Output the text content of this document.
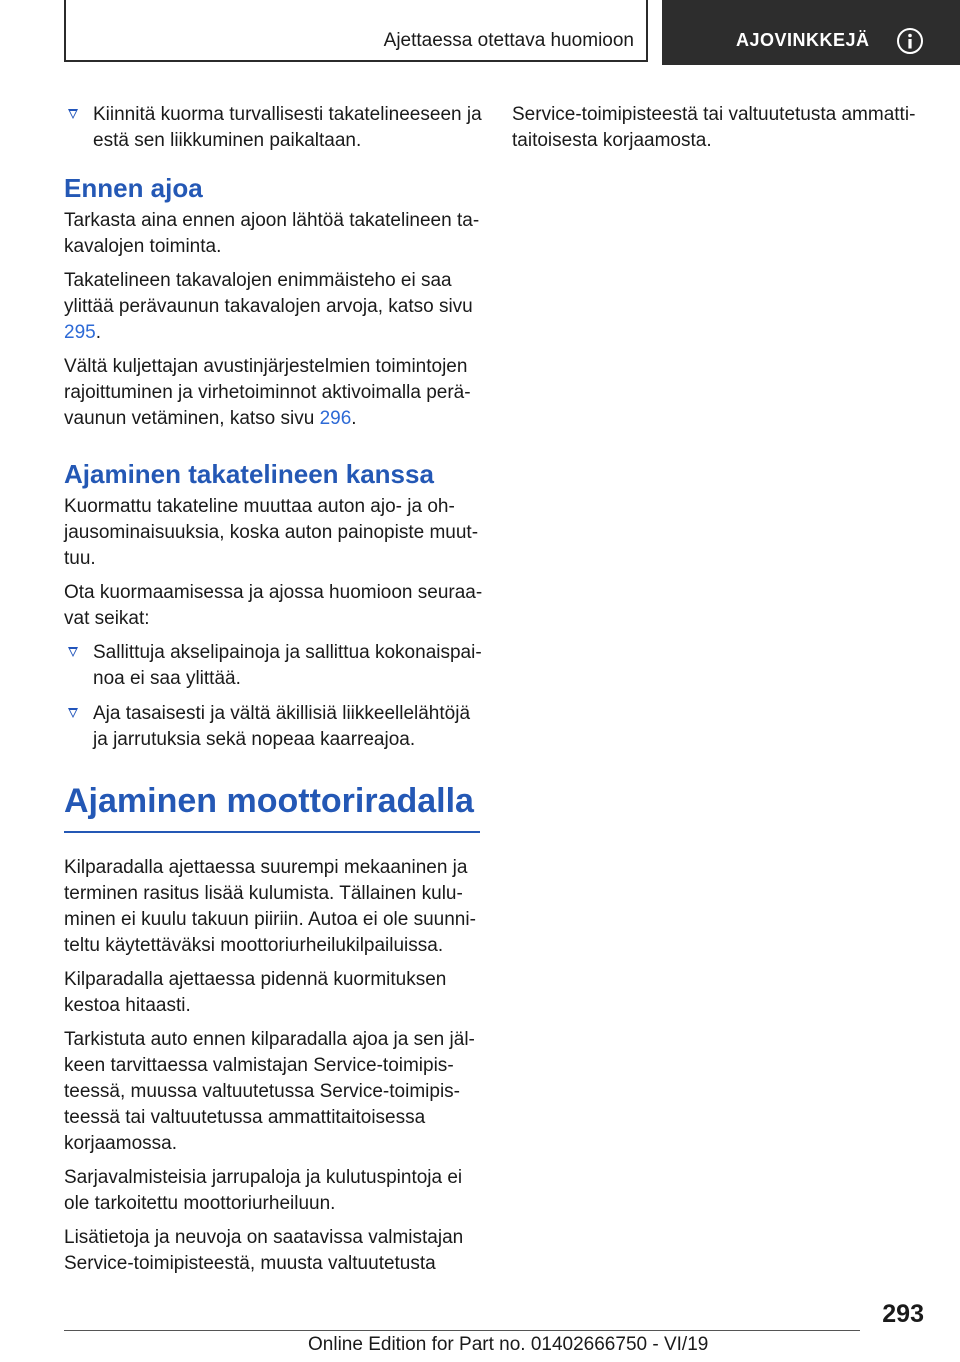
Ajettaessa otettava huomioon	AJOVINKKEJÄ
Kiinnitä kuorma turvallisesti takatelineeseen ja estä sen liikkuminen paikaltaan.
Ennen ajoa

Tarkasta aina ennen ajoon lähtöä takatelineen takavalojen toiminta.

Takatelineen takavalojen enimmäisteho ei saa ylittää perävaunun takavalojen arvoja, katso sivu 295.

Vältä kuljettajan avustinjärjestelmien toimintojen rajoittuminen ja virhetoiminnot aktivoimalla perävaunun vetäminen, katso sivu 296.

Ajaminen takatelineen kanssa

Kuormattu takateline muuttaa auton ajo- ja ohjausominaisuuksia, koska auton painopiste muuttuu.

Ota kuormaamisessa ja ajossa huomioon seuraavat seikat:

Sallittuja akselipainoja ja sallittua kokonaispainoa ei saa ylittää.
Aja tasaisesti ja vältä äkillisiä liikkeellelähtöjä ja jarrutuksia sekä nopeaa kaarreajoa.
Ajaminen moottoriradalla

Kilparadalla ajettaessa suurempi mekaaninen ja terminen rasitus lisää kulumista. Tällainen kuluminen ei kuulu takuun piiriin. Autoa ei ole suunniteltu käytettäväksi moottoriurheilukilpailuissa.

Kilparadalla ajettaessa pidennä kuormituksen kestoa hitaasti.

Tarkistuta auto ennen kilparadalla ajoa ja sen jälkeen tarvittaessa valmistajan Service-toimipisteessä, muussa valtuutetussa Service-toimipisteessä tai valtuutetussa ammattitaitoisessa korjaamossa.

Sarjavalmisteisia jarrupaloja ja kulutuspintoja ei ole tarkoitettu moottoriurheiluun.

Lisätietoja ja neuvoja on saatavissa valmistajan Service-toimipisteestä, muusta valtuutetusta

Service-toimipisteestä tai valtuutetusta ammattitaitoisesta korjaamosta.

293
Online Edition for Part no. 01402666750 - VI/19
